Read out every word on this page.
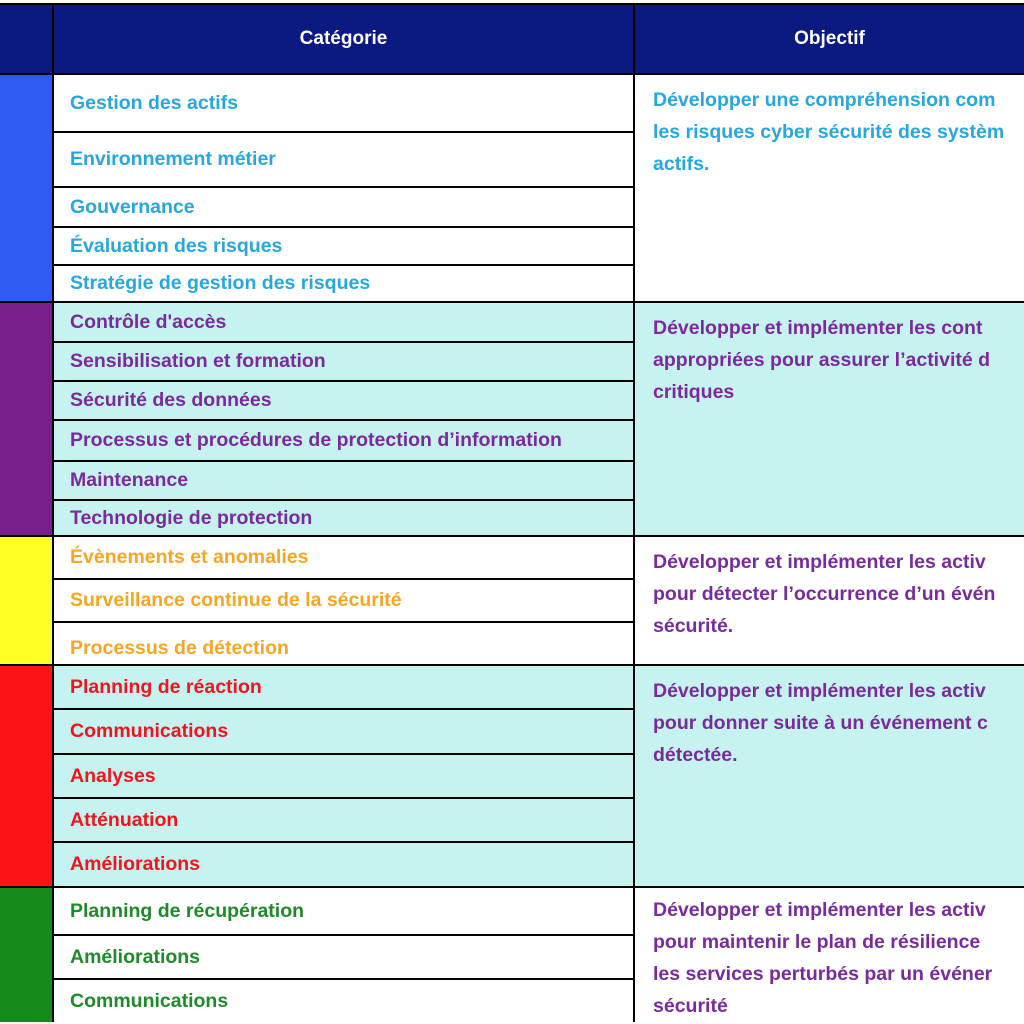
Catégorie	Objectif
Gestion des actifs
Environnement métier
Gouvernance
Évaluation des risques
Stratégie de gestion des risques
Développer une compréhension com
les risques cyber sécurité des systèm
actifs.
Contrôle d'accès
Sensibilisation et formation
Sécurité des données
Processus et procédures de protection d’information
Maintenance
Technologie de protection
Développer et implémenter les cont
appropriées pour assurer l’activité d
critiques
Évènements et anomalies
Surveillance continue de la sécurité
Processus de détection
Développer et implémenter les activ
pour détecter l’occurrence d’un évén
sécurité.
Planning de réaction
Communications
Analyses
Atténuation
Améliorations
Développer et implémenter les activ
pour donner suite à un événement c
détectée.
Planning de récupération
Améliorations
Communications
Développer et implémenter les activ
pour maintenir le plan de résilience
les services perturbés par un événer
sécurité
